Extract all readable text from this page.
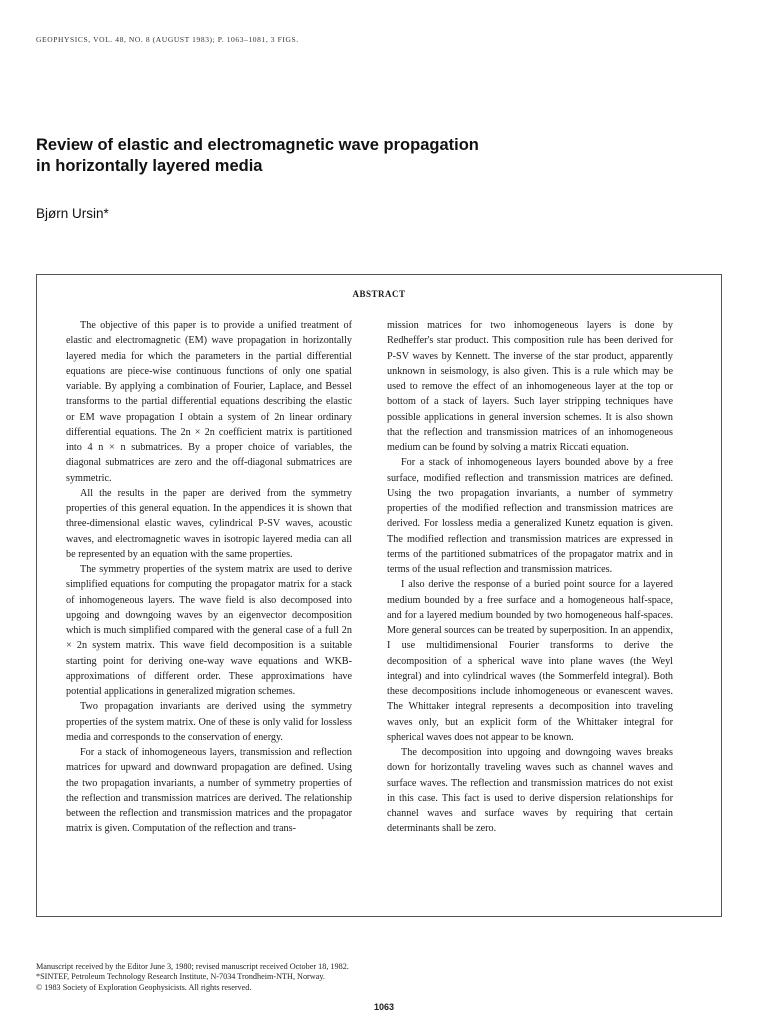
GEOPHYSICS, VOL. 48, NO. 8 (AUGUST 1983); P. 1063–1081, 3 FIGS.
Review of elastic and electromagnetic wave propagation
in horizontally layered media
Bjørn Ursin*
ABSTRACT

The objective of this paper is to provide a unified treatment of elastic and electromagnetic (EM) wave propagation in horizontally layered media for which the parameters in the partial differential equations are piece-wise continuous functions of only one spatial variable. By applying a combination of Fourier, Laplace, and Bessel transforms to the partial differential equations describing the elastic or EM wave propagation I obtain a system of 2n linear ordinary differential equations. The 2n × 2n coefficient matrix is partitioned into 4 n × n submatrices. By a proper choice of variables, the diagonal submatrices are zero and the off-diagonal submatrices are symmetric.

All the results in the paper are derived from the symmetry properties of this general equation. In the appendices it is shown that three-dimensional elastic waves, cylindrical P-SV waves, acoustic waves, and electromagnetic waves in isotropic layered media can all be represented by an equation with the same properties.

The symmetry properties of the system matrix are used to derive simplified equations for computing the propagator matrix for a stack of inhomogeneous layers. The wave field is also decomposed into upgoing and downgoing waves by an eigenvector decomposition which is much simplified compared with the general case of a full 2n × 2n system matrix. This wave field decomposition is a suitable starting point for deriving one-way wave equations and WKB-approximations of different order. These approximations have potential applications in generalized migration schemes.

Two propagation invariants are derived using the symmetry properties of the system matrix. One of these is only valid for lossless media and corresponds to the conservation of energy.

For a stack of inhomogeneous layers, transmission and reflection matrices for upward and downward propagation are defined. Using the two propagation invariants, a number of symmetry properties of the reflection and transmission matrices are derived. The relationship between the reflection and transmission matrices and the propagator matrix is given. Computation of the reflection and trans-

mission matrices for two inhomogeneous layers is done by Redheffer's star product. This composition rule has been derived for P-SV waves by Kennett. The inverse of the star product, apparently unknown in seismology, is also given. This is a rule which may be used to remove the effect of an inhomogeneous layer at the top or bottom of a stack of layers. Such layer stripping techniques have possible applications in general inversion schemes. It is also shown that the reflection and transmission matrices of an inhomogeneous medium can be found by solving a matrix Riccati equation.

For a stack of inhomogeneous layers bounded above by a free surface, modified reflection and transmission matrices are defined. Using the two propagation invariants, a number of symmetry properties of the modified reflection and transmission matrices are derived. For lossless media a generalized Kunetz equation is given. The modified reflection and transmission matrices are expressed in terms of the partitioned submatrices of the propagator matrix and in terms of the usual reflection and transmission matrices.

I also derive the response of a buried point source for a layered medium bounded by a free surface and a homogeneous half-space, and for a layered medium bounded by two homogeneous half-spaces. More general sources can be treated by superposition. In an appendix, I use multidimensional Fourier transforms to derive the decomposition of a spherical wave into plane waves (the Weyl integral) and into cylindrical waves (the Sommerfeld integral). Both these decompositions include inhomogeneous or evanescent waves. The Whittaker integral represents a decomposition into traveling waves only, but an explicit form of the Whittaker integral for spherical waves does not appear to be known.

The decomposition into upgoing and downgoing waves breaks down for horizontally traveling waves such as channel waves and surface waves. The reflection and transmission matrices do not exist in this case. This fact is used to derive dispersion relationships for channel waves and surface waves by requiring that certain determinants shall be zero.

Manuscript received by the Editor June 3, 1980; revised manuscript received October 18, 1982.
*SINTEF, Petroleum Technology Research Institute, N-7034 Trondheim-NTH, Norway.
© 1983 Society of Exploration Geophysicists. All rights reserved.
1063
